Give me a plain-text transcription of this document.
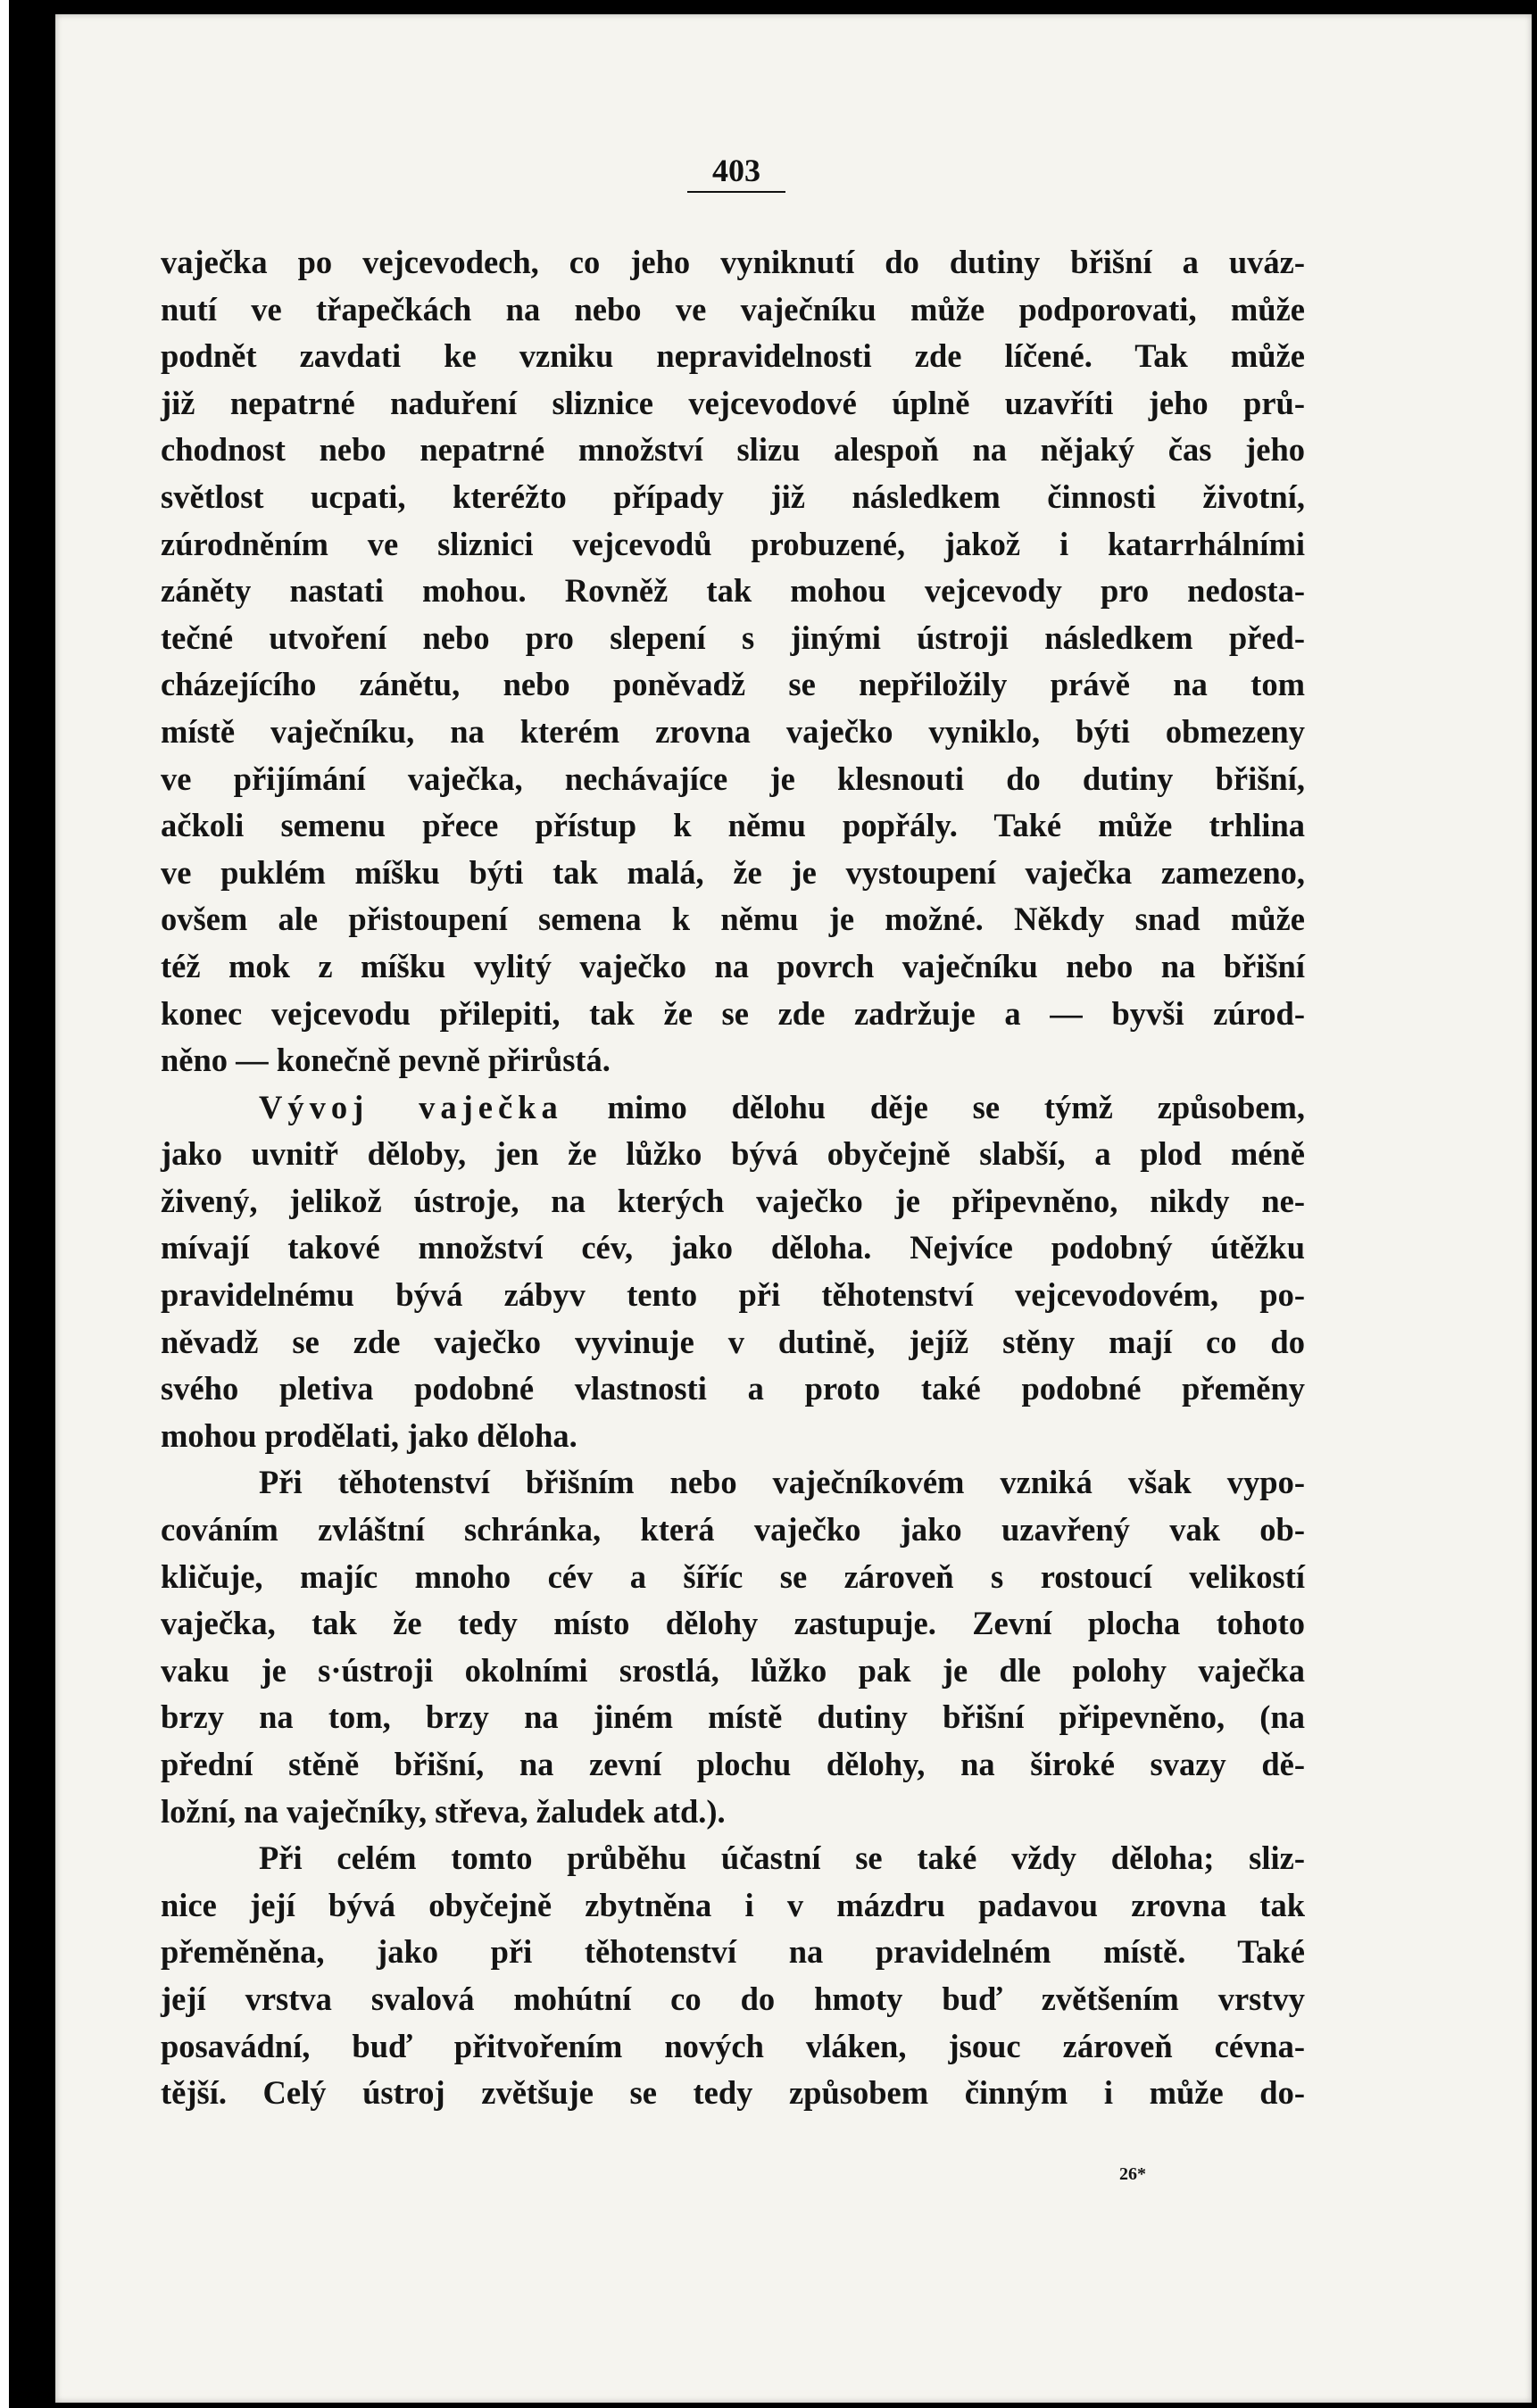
403
vaječka po vejcevodech, co jeho vyniknutí do dutiny břišní a uváz-
nutí ve třapečkách na nebo ve vaječníku může podporovati, může
podnět zavdati ke vzniku nepravidelnosti zde líčené. Tak může
již nepatrné naduření sliznice vejcevodové úplně uzavříti jeho prů-
chodnost nebo nepatrné množství slizu alespoň na nějaký čas jeho
světlost ucpati, kteréžto případy již následkem činnosti životní,
zúrodněním ve sliznici vejcevodů probuzené, jakož i katarrhálními
záněty nastati mohou. Rovněž tak mohou vejcevody pro nedosta-
tečné utvoření nebo pro slepení s jinými ústroji následkem před-
cházejícího zánětu, nebo poněvadž se nepřiložily právě na tom
místě vaječníku, na kterém zrovna vaječko vyniklo, býti obmezeny
ve přijímání vaječka, nechávajíce je klesnouti do dutiny břišní,
ačkoli semenu přece přístup k němu popřály. Také může trhlina
ve puklém míšku býti tak malá, že je vystoupení vaječka zamezeno,
ovšem ale přistoupení semena k němu je možné. Někdy snad může
též mok z míšku vylitý vaječko na povrch vaječníku nebo na břišní
konec vejcevodu přilepiti, tak že se zde zadržuje a — byvši zúrod-
něno — konečně pevně přirůstá.
Vývoj vaječka mimo dělohu děje se týmž způsobem,
jako uvnitř děloby, jen že lůžko bývá obyčejně slabší, a plod méně
živený, jelikož ústroje, na kterých vaječko je připevněno, nikdy ne-
mívají takové množství cév, jako děloha. Nejvíce podobný útěžku
pravidelnému bývá zábyv tento při těhotenství vejcevodovém, po-
něvadž se zde vaječko vyvinuje v dutině, jejíž stěny mají co do
svého pletiva podobné vlastnosti a proto také podobné přeměny
mohou prodělati, jako děloha.
Při těhotenství břišním nebo vaječníkovém vzniká však vypo-
cováním zvláštní schránka, která vaječko jako uzavřený vak ob-
kličuje, majíc mnoho cév a šíříc se zároveň s rostoucí velikostí
vaječka, tak že tedy místo dělohy zastupuje. Zevní plocha tohoto
vaku je s·ústroji okolními srostlá, lůžko pak je dle polohy vaječka
brzy na tom, brzy na jiném místě dutiny břišní připevněno, (na
přední stěně břišní, na zevní plochu dělohy, na široké svazy dě-
ložní, na vaječníky, střeva, žaludek atd.).
Při celém tomto průběhu účastní se také vždy děloha; sliz-
nice její bývá obyčejně zbytněna i v mázdru padavou zrovna tak
přeměněna, jako při těhotenství na pravidelném místě. Také
její vrstva svalová mohútní co do hmoty buď zvětšením vrstvy
posavádní, buď přitvořením nových vláken, jsouc zároveň cévna-
tější. Celý ústroj zvětšuje se tedy způsobem činným i může do-
26*
